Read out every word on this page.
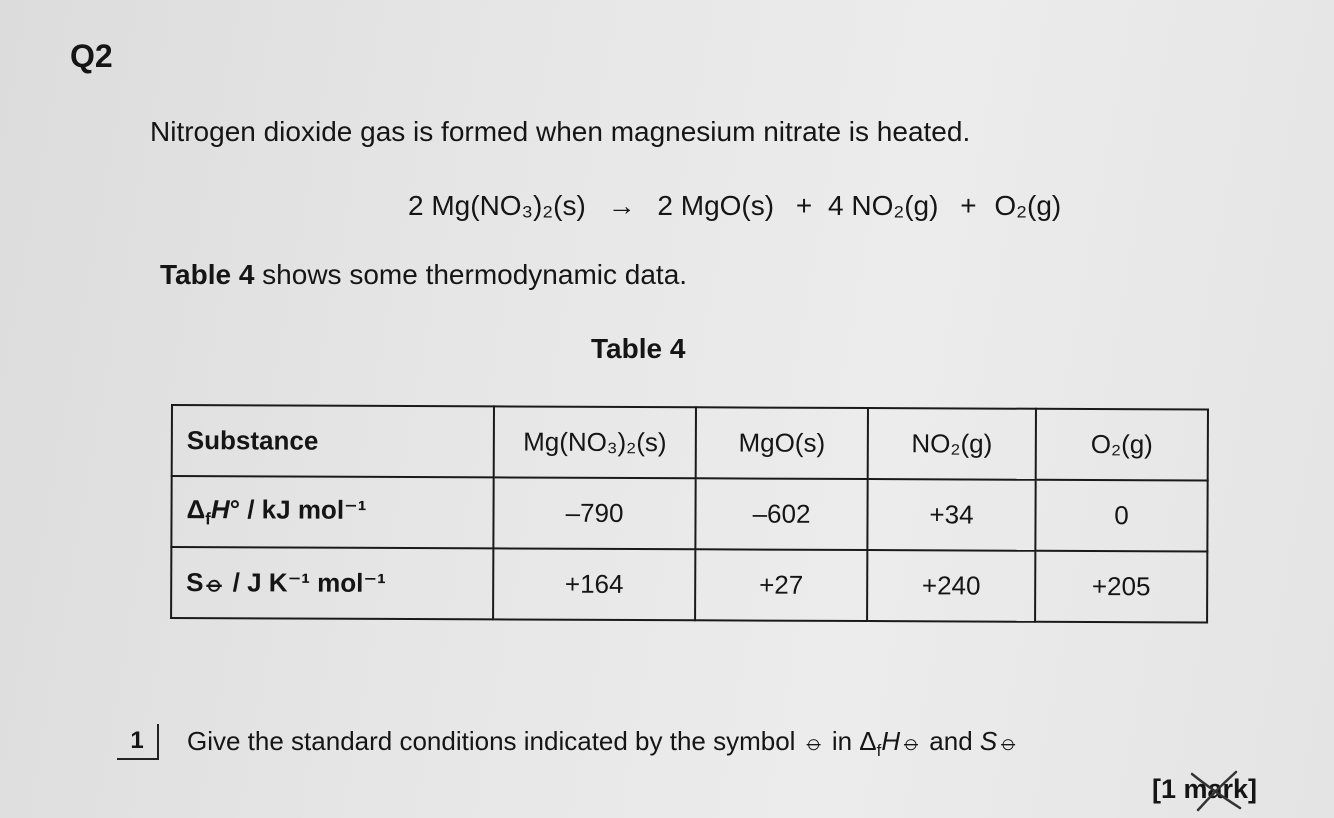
Q2
Nitrogen dioxide gas is formed when magnesium nitrate is heated.
2 Mg(NO₃)₂(s) → 2 MgO(s) + 4 NO₂(g) + O₂(g)
Table 4 shows some thermodynamic data.
Table 4
Substance	Mg(NO₃)₂(s)	MgO(s)	NO₂(g)	O₂(g)
$\Delta_fH^\circ$ / kJ mol⁻¹	–790	–602	+34	0
S⦵ / J K⁻¹ mol⁻¹	+164	+27	+240	+205
1	Give the standard conditions indicated by the symbol ⦵ in $\Delta_fH⦵$ and S⦵
[1 mark]
